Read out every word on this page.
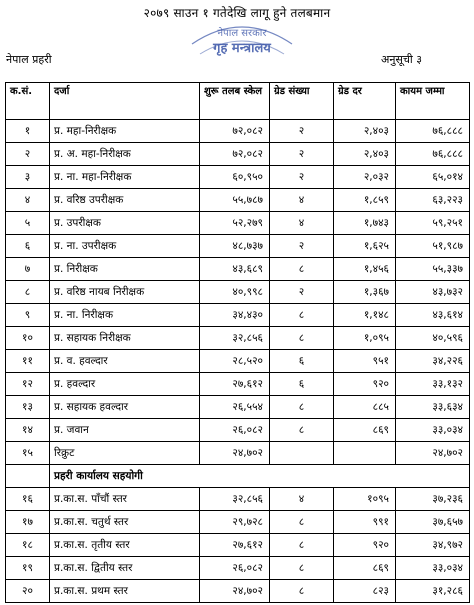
२०७९ साउन १ गतेदेखि लागू हुने तलबमान
नेपाल सरकार
गृह मन्त्रालय
नेपाल प्रहरी	अनुसूची ३
क.सं.	दर्जा	शुरू तलब स्केल	ग्रेड संख्या	ग्रेड दर	कायम जम्मा
१	प्र. महा-निरीक्षक	७२,०८२	२	२,४०३	७६,८८८
२	प्र. अ. महा-निरीक्षक	७२,०८२	२	२,४०३	७६,८८८
३	प्र. ना. महा-निरीक्षक	६०,९५०	२	२,०३२	६५,०१४
४	प्र. वरिष्ठ उपरीक्षक	५५,७८७	४	१,८५९	६३,२२३
५	प्र. उपरीक्षक	५२,२७९	४	१,७४३	५९,२५१
६	प्र. ना. उपरीक्षक	४८,७३७	२	१,६२५	५१,९८७
७	प्र. निरीक्षक	४३,६८९	८	१,४५६	५५,३३७
८	प्र. वरिष्ठ नायब निरीक्षक	४०,९९८	२	१,३६७	४३,७३२
९	प्र. ना. निरीक्षक	३४,४३०	८	१,१४८	४३,६१४
१०	प्र. सहायक निरीक्षक	३२,८५६	८	१,०९५	४०,५९६
११	प्र. व. हवल्दार	२८,५२०	६	९५१	३४,२२६
१२	प्र. हवल्दार	२७,६१२	६	९२०	३३,१३२
१३	प्र. सहायक हवल्दार	२६,५५४	८	८८५	३३,६३४
१४	प्र. जवान	२६,०८२	८	८६९	३३,०३४
१५	रिक्रुट	२४,७०२			२४,७०२
	प्रहरी कार्यालय सहयोगी				
१६	प्र.का.स. पाँचौं स्तर	३२,८५६	४	१०९५	३७,२३६
१७	प्र.का.स. चतुर्थ स्तर	२९,७२८	८	९९१	३७,६५७
१८	प्र.का.स. तृतीय स्तर	२७,६१२	८	९२०	३४,९७२
१९	प्र.का.स. द्वितीय स्तर	२६,०८२	८	८६९	३३,०३४
२०	प्र.का.स. प्रथम स्तर	२४,७०२	८	८२३	३१,२८६
